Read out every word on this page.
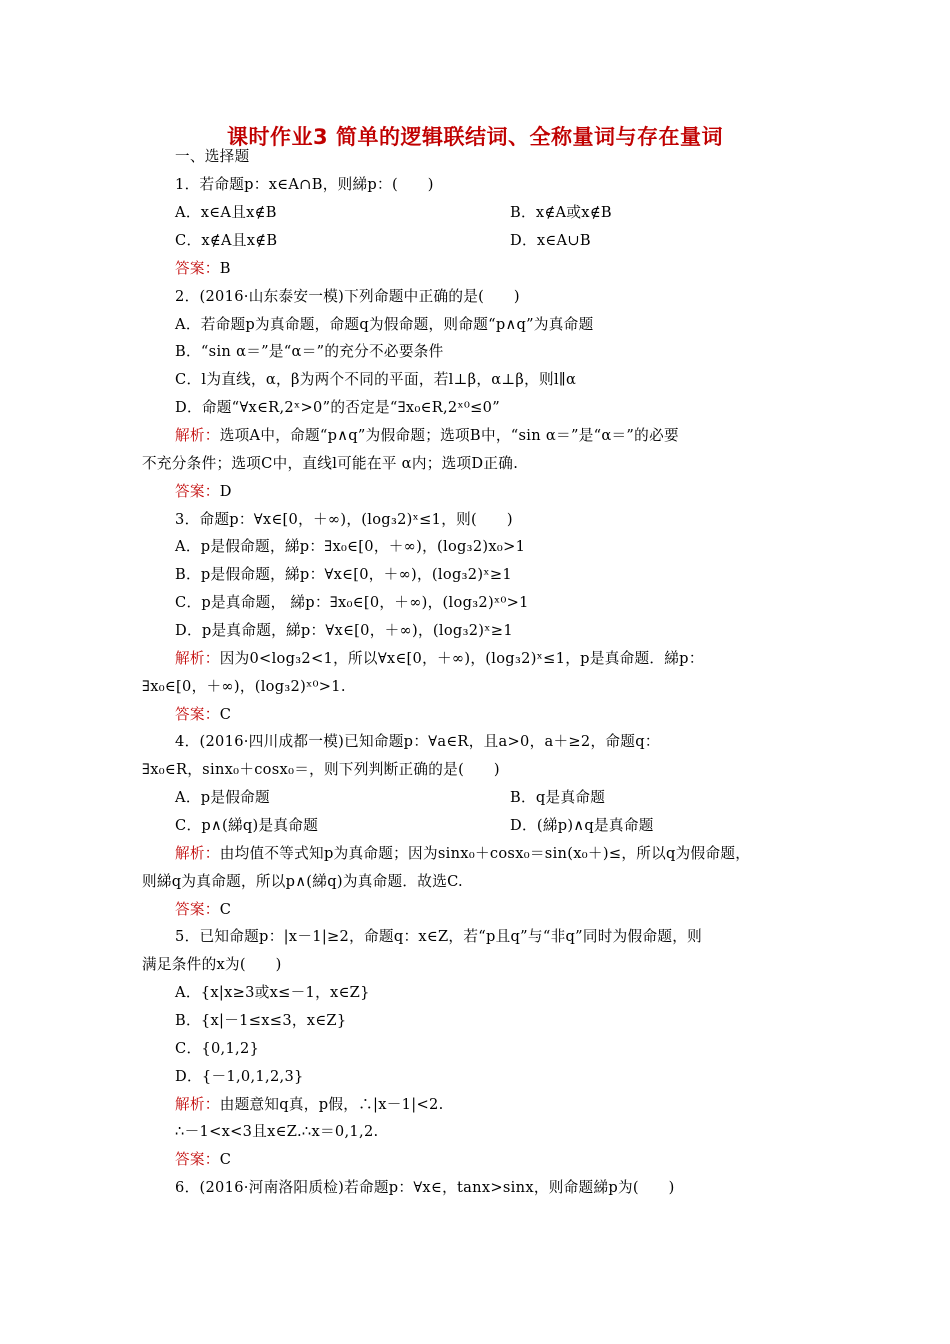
课时作业3 简单的逻辑联结词、全称量词与存在量词
一、选择题
1．若命题p：x∈A∩B，则綈p：(　　)
A．x∈A且x∉B	B．x∉A或x∉B
C．x∉A且x∉B	D．x∈A∪B
答案：B
2．(2016·山东泰安一模)下列命题中正确的是(　　)
A．若命题p为真命题，命题q为假命题，则命题“p∧q”为真命题
B．“sin α＝”是“α＝”的充分不必要条件
C．l为直线，α，β为两个不同的平面，若l⊥β，α⊥β，则l∥α
D．命题“∀x∈R,2ˣ>0”的否定是“∃x₀∈R,2ˣ⁰≤0”
解析：选项A中，命题“p∧q”为假命题；选项B中，“sin α＝”是“α＝”的必要
不充分条件；选项C中，直线l可能在平 α内；选项D正确.
答案：D
3．命题p：∀x∈[0，＋∞)，(log₃2)ˣ≤1，则(　　)
A．p是假命题，綈p：∃x₀∈[0，＋∞)，(log₃2)x₀>1
B．p是假命题，綈p：∀x∈[0，＋∞)，(log₃2)ˣ≥1
C．p是真命题， 綈p：∃x₀∈[0，＋∞)，(log₃2)ˣ⁰>1
D．p是真命题，綈p：∀x∈[0，＋∞)，(log₃2)ˣ≥1
解析：因为0<log₃2<1，所以∀x∈[0，＋∞)，(log₃2)ˣ≤1，p是真命题．綈p：
∃x₀∈[0，＋∞)，(log₃2)ˣ⁰>1.
答案：C
4．(2016·四川成都一模)已知命题p：∀a∈R，且a>0，a＋≥2，命题q：
∃x₀∈R，sinx₀＋cosx₀＝，则下列判断正确的是(　　)
A．p是假命题	B．q是真命题
C．p∧(綈q)是真命题	D．(綈p)∧q是真命题
解析：由均值不等式知p为真命题；因为sinx₀＋cosx₀＝sin(x₀＋)≤，所以q为假命题，
则綈q为真命题，所以p∧(綈q)为真命题．故选C.
答案：C
5．已知命题p：|x－1|≥2，命题q：x∈Z，若“p且q”与“非q”同时为假命题，则
满足条件的x为(　　)
A．{x|x≥3或x≤－1，x∈Z}
B．{x|－1≤x≤3，x∈Z}
C．{0,1,2}
D．{－1,0,1,2,3}
解析：由题意知q真，p假，∴|x－1|<2.
∴－1<x<3且x∈Z.∴x＝0,1,2.
答案：C
6．(2016·河南洛阳质检)若命题p：∀x∈，tanx>sinx，则命题綈p为(　　)
